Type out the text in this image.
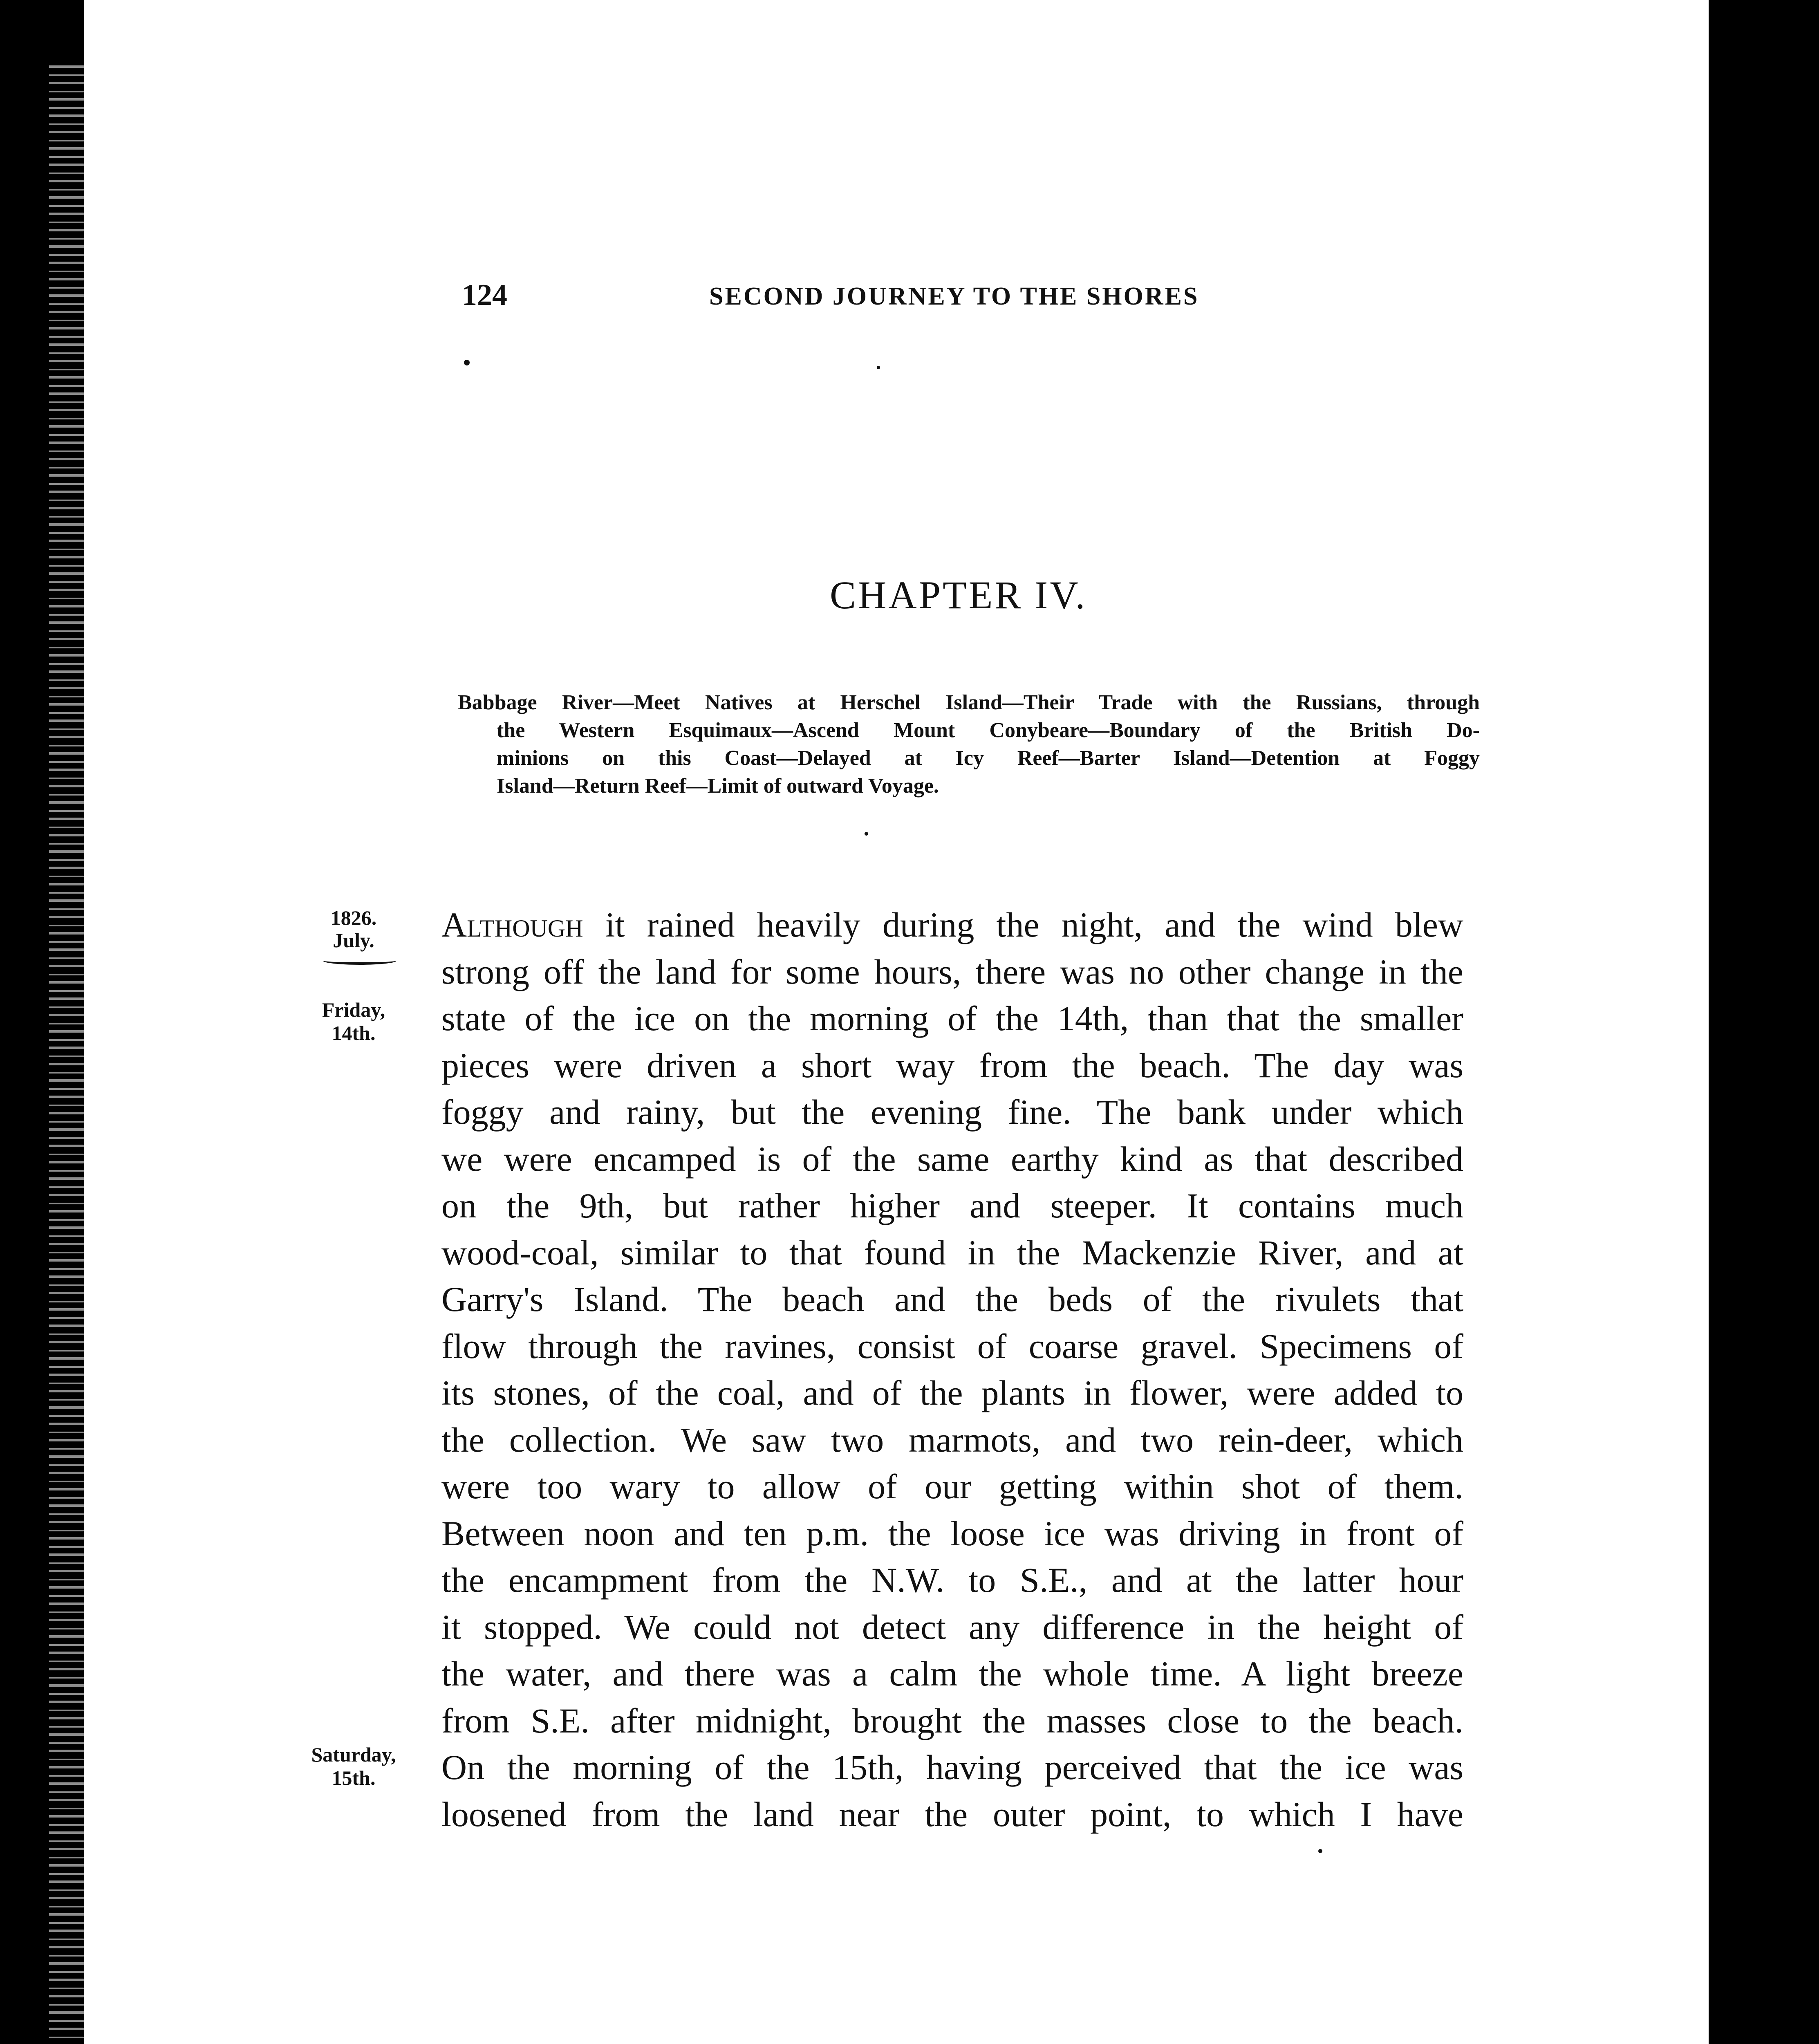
124	SECOND JOURNEY TO THE SHORES
CHAPTER IV.
Babbage River—Meet Natives at Herschel Island—Their Trade with the Russians, through
the Western Esquimaux—Ascend Mount Conybeare—Boundary of the British Do-
minions on this Coast—Delayed at Icy Reef—Barter Island—Detention at Foggy
Island—Return Reef—Limit of outward Voyage.
1826.
July.
Friday,
14th.
Saturday,
15th.
Although it rained heavily during the night, and the wind blew
strong off the land for some hours, there was no other change in the
state of the ice on the morning of the 14th, than that the smaller
pieces were driven a short way from the beach. The day was
foggy and rainy, but the evening fine. The bank under which
we were encamped is of the same earthy kind as that described
on the 9th, but rather higher and steeper. It contains much
wood-coal, similar to that found in the Mackenzie River, and at
Garry's Island. The beach and the beds of the rivulets that
flow through the ravines, consist of coarse gravel. Specimens of
its stones, of the coal, and of the plants in flower, were added to
the collection. We saw two marmots, and two rein-deer, which
were too wary to allow of our getting within shot of them.
Between noon and ten p.m. the loose ice was driving in front of
the encampment from the N.W. to S.E., and at the latter hour
it stopped. We could not detect any difference in the height of
the water, and there was a calm the whole time. A light breeze
from S.E. after midnight, brought the masses close to the beach.
On the morning of the 15th, having perceived that the ice was
loosened from the land near the outer point, to which I have
